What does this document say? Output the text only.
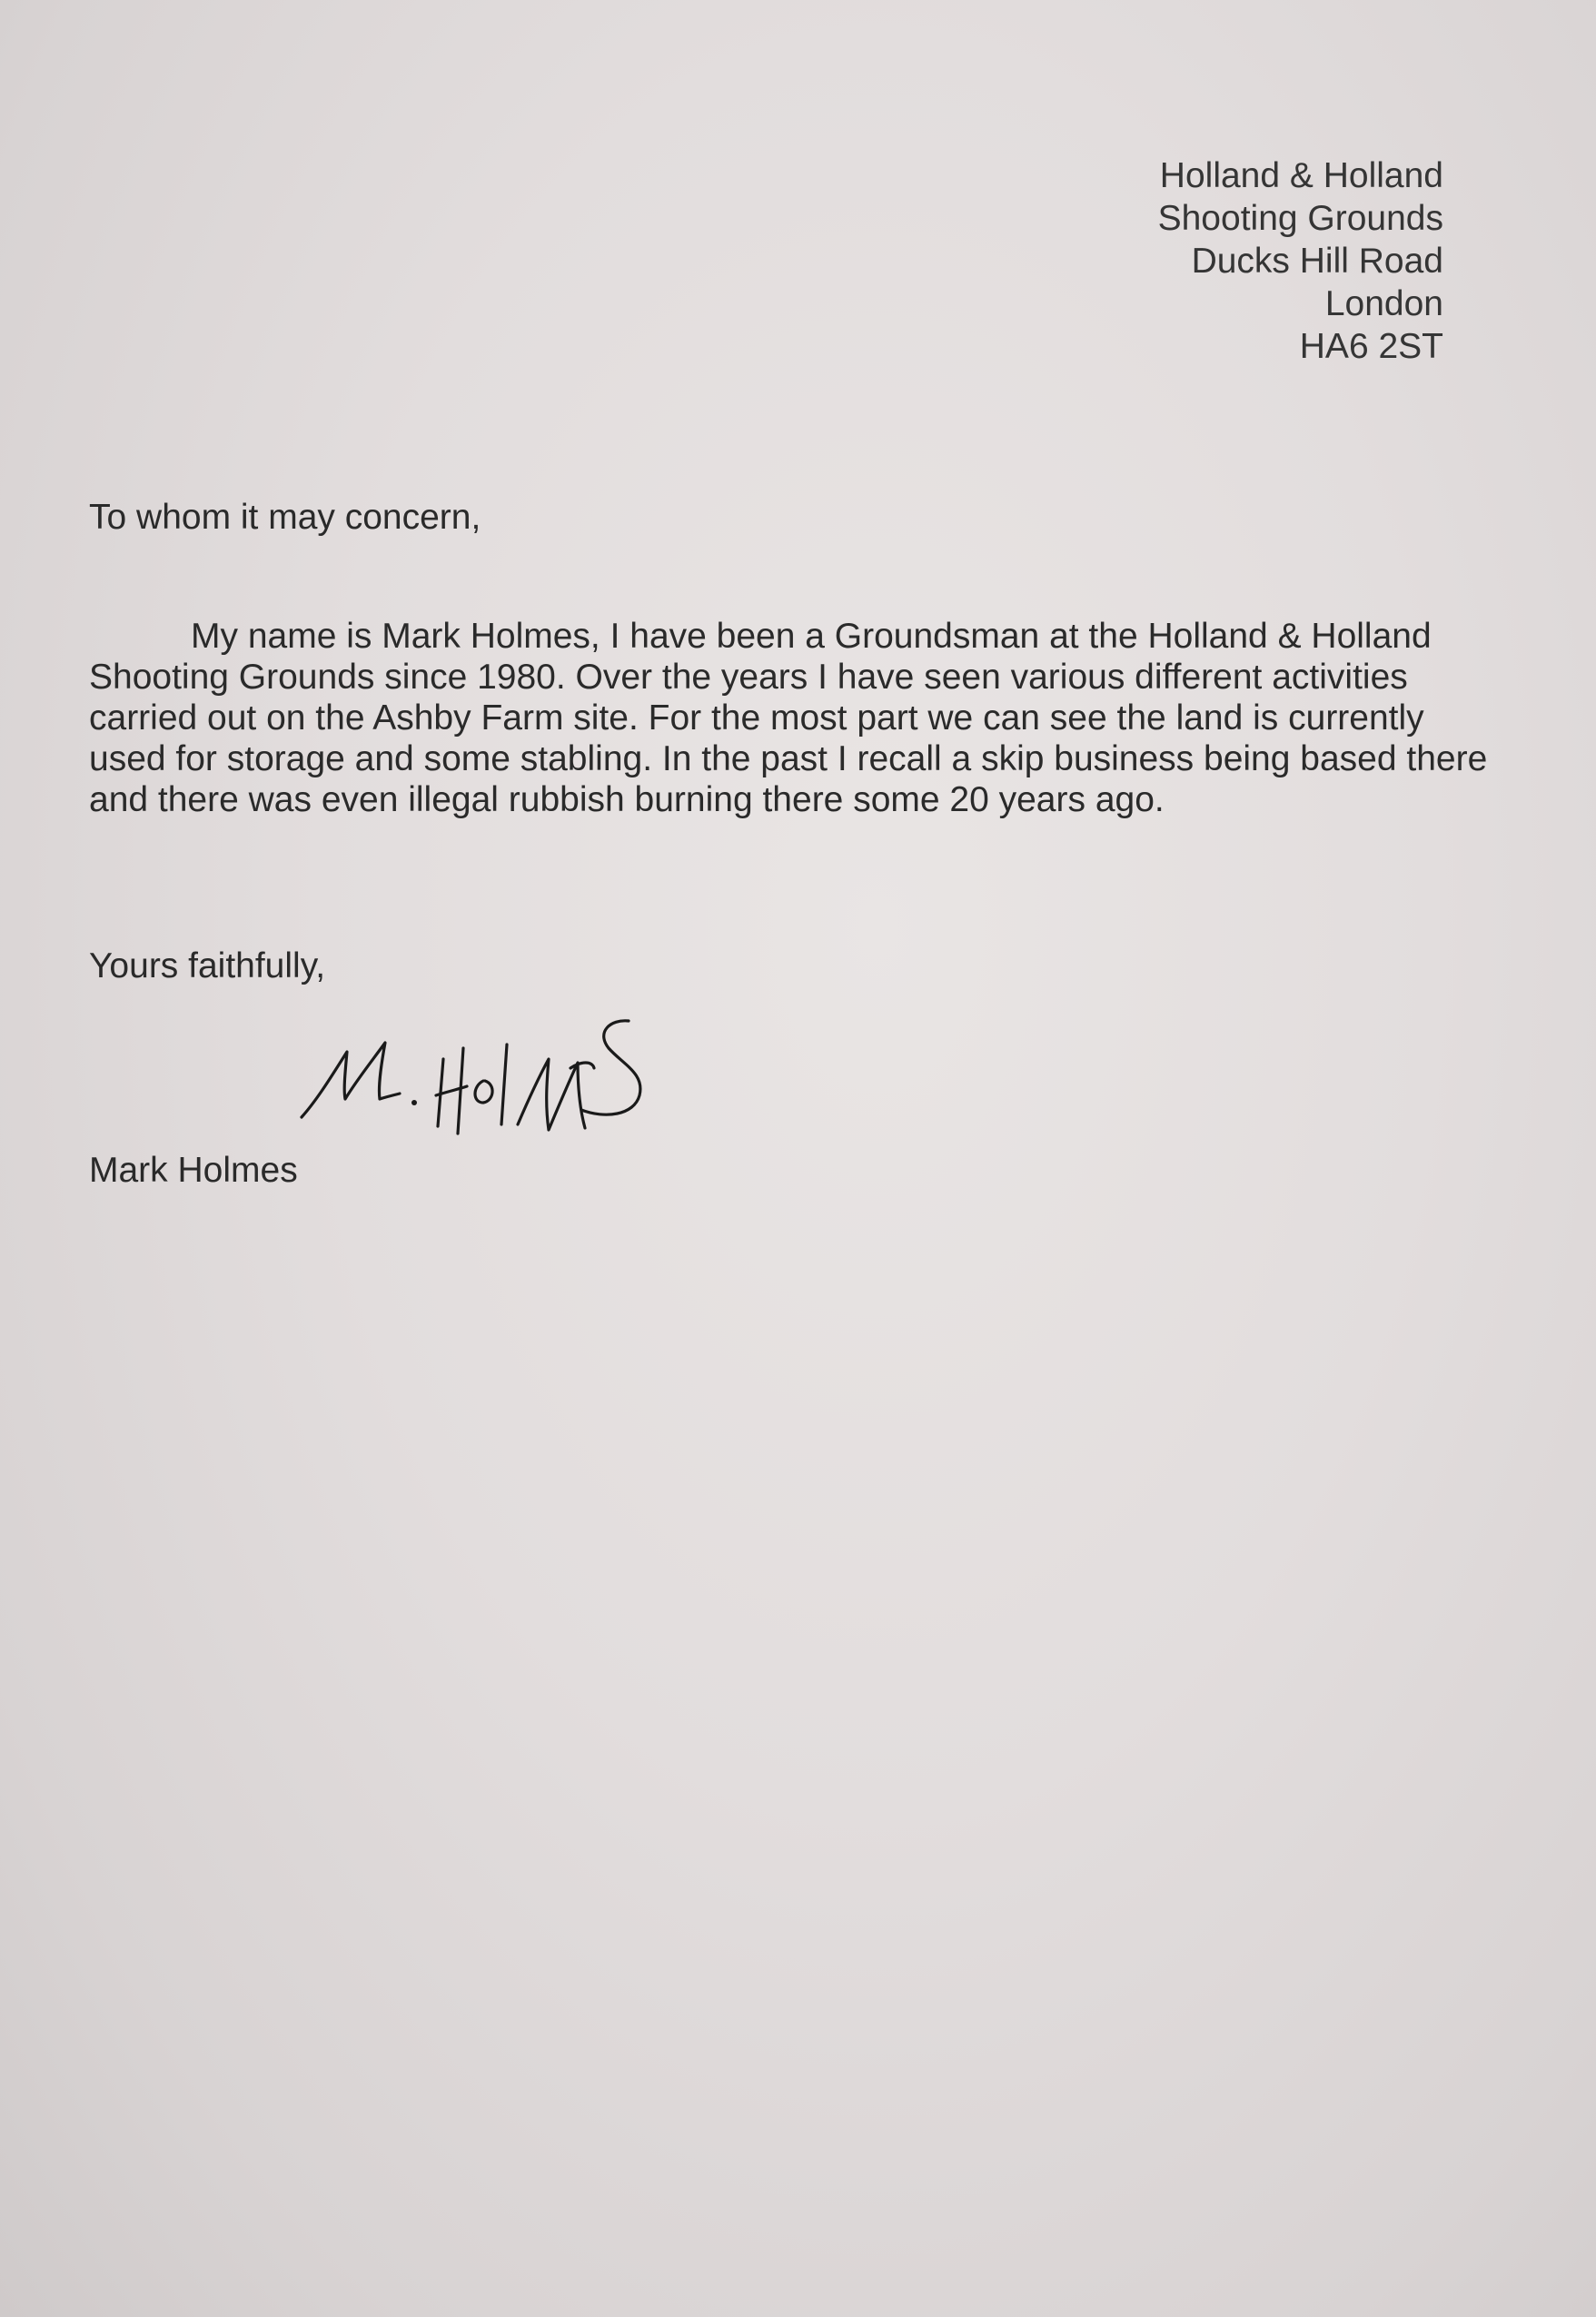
Holland & Holland
Shooting Grounds
Ducks Hill Road
London
HA6 2ST
To whom it may concern,
My name is Mark Holmes, I have been a Groundsman at the Holland & Holland
Shooting Grounds since 1980. Over the years I have seen various different activities
carried out on the Ashby Farm site. For the most part we can see the land is currently
used for storage and some stabling. In the past I recall a skip business being based there
and there was even illegal rubbish burning there some 20 years ago.
Yours faithfully,
Mark Holmes
